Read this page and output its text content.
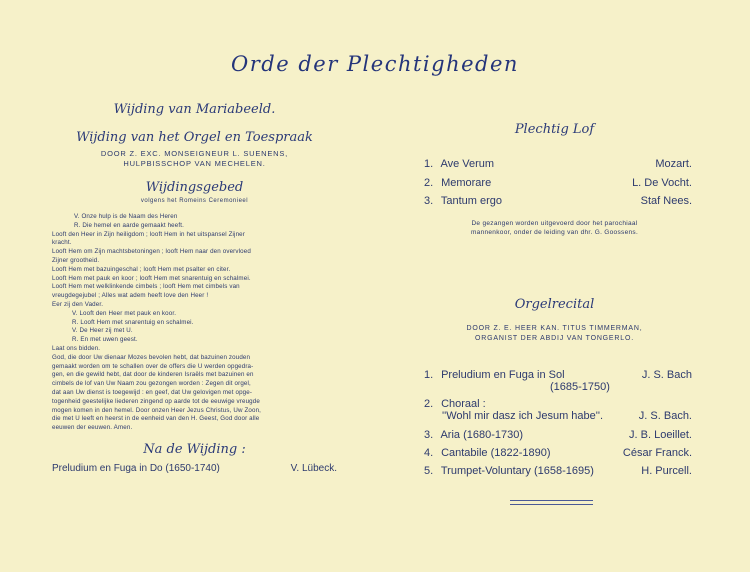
Orde der Plechtigheden
Wijding van Mariabeeld.
Wijding van het Orgel en Toespraak
DOOR Z. EXC. MONSEIGNEUR L. SUENENS,
HULPBISSCHOP VAN MECHELEN.
Wijdingsgebed
volgens het Romeins Ceremonieel
V. Onze hulp is de Naam des Heren
R. Die hemel en aarde gemaakt heeft.
Looft den Heer in Zijn heiligdom ; looft Hem in het uitspansel Zijner
kracht.
Looft Hem om Zijn machtsbetoningen ; looft Hem naar den overvloed
Zijner grootheid.
Looft Hem met bazuingeschal ; looft Hem met psalter en citer.
Looft Hem met pauk en koor ; looft Hem met snarentuig en schalmei.
Looft Hem met welklinkende cimbels ; looft Hem met cimbels van
vreugdegejubel ; Alles wat adem heeft love den Heer !
Eer zij den Vader.
V. Looft den Heer met pauk en koor.
R. Looft Hem met snarentuig en schalmei.
V. De Heer zij met U.
R. En met uwen geest.
Laat ons bidden.
God, die door Uw dienaar Mozes bevolen hebt, dat bazuinen zouden
gemaakt worden om te schallen over de offers die U werden opgedra-
gen, en die gewild hebt, dat door de kinderen Israëls met bazuinen en
cimbels de lof van Uw Naam zou gezongen worden : Zegen dit orgel,
dat aan Uw dienst is toegewijd : en geef, dat Uw gelovigen met opge-
togenheid geestelijke liederen zingend op aarde tot de eeuwige vreugde
mogen komen in den hemel. Door onzen Heer Jezus Christus, Uw Zoon,
die met U leeft en heerst in de eenheid van den H. Geest, God door alle
eeuwen der eeuwen. Amen.
Na de Wijding :
Preludium en Fuga in Do (1650-1740)	V. Lübeck.
Plechtig Lof
1. Ave Verum	Mozart.
2. Memorare	L. De Vocht.
3. Tantum ergo	Staf Nees.
De gezangen worden uitgevoerd door het parochiaal
mannenkoor, onder de leiding van dhr. G. Goossens.
Orgelrecital
DOOR Z. E. HEER KAN. TITUS TIMMERMAN,
ORGANIST DER ABDIJ VAN TONGERLO.
1. Preludium en Fuga in Sol	J. S. Bach
(1685-1750)
2. Choraal :
''Wohl mir dasz ich Jesum habe''.	J. S. Bach.
3. Aria (1680-1730)	J. B. Loeillet.
4. Cantabile (1822-1890)	César Franck.
5. Trumpet-Voluntary (1658-1695)	H. Purcell.
